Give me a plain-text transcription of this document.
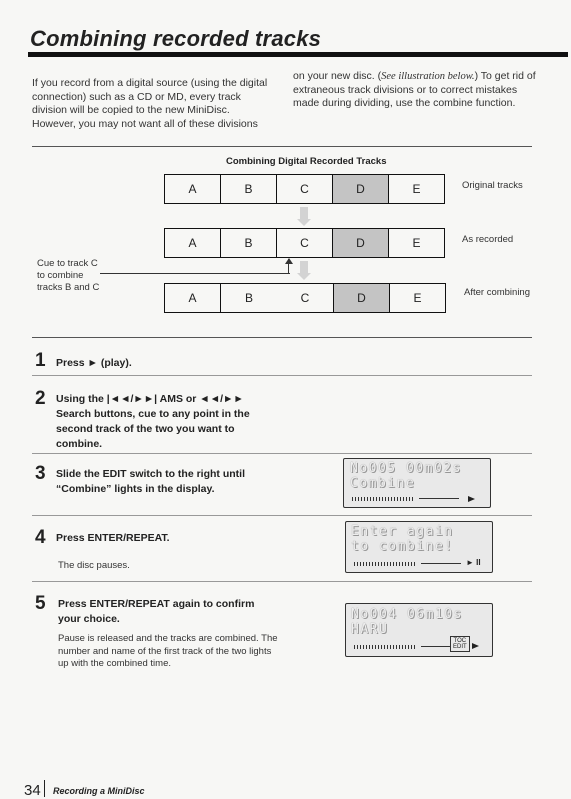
Combining recorded tracks
If you record from a digital source (using the digital connection) such as a CD or MD, every track division will be copied to the new MiniDisc. However, you may not want all of these divisions
on your new disc. (See illustration below.) To get rid of extraneous track divisions or to correct mistakes made during dividing, use the combine function.
Combining Digital Recorded Tracks
A	B	C	D	E	Original tracks
A	B	C	D	E	As recorded
Cue to track C
to combine
tracks B and C
A	B	C	D	E	After combining
1 Press ► (play).
2 Using the |◄◄/►►| AMS or ◄◄/►►
Search buttons, cue to any point in the
second track of the two you want to
combine.
3 Slide the EDIT switch to the right until
“Combine” lights in the display.
No005 00m02s
Combine
4 Press ENTER/REPEAT.
The disc pauses.
Enter again
to combine!
► II
5 Press ENTER/REPEAT again to confirm
your choice.
Pause is released and the tracks are combined. The
number and name of the first track of the two lights
up with the combined time.
No004 06m10s
HARU
TOC
EDIT
34 Recording a MiniDisc
